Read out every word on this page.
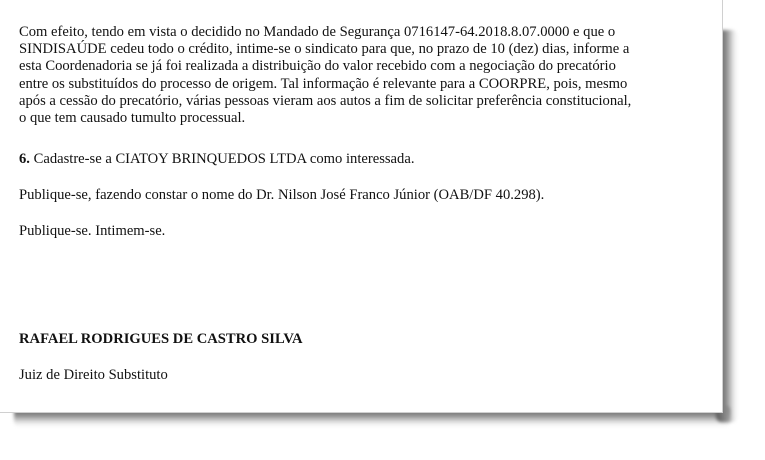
Com efeito, tendo em vista o decidido no Mandado de Segurança 0716147-64.2018.8.07.0000 e que o
SINDISAÚDE cedeu todo o crédito, intime-se o sindicato para que, no prazo de 10 (dez) dias, informe a
esta Coordenadoria se já foi realizada a distribuição do valor recebido com a negociação do precatório
entre os substituídos do processo de origem. Tal informação é relevante para a COORPRE, pois, mesmo
após a cessão do precatório, várias pessoas vieram aos autos a fim de solicitar preferência constitucional,
o que tem causado tumulto processual.
6. Cadastre-se a CIATOY BRINQUEDOS LTDA como interessada.
Publique-se, fazendo constar o nome do Dr. Nilson José Franco Júnior (OAB/DF 40.298).
Publique-se. Intimem-se.
RAFAEL RODRIGUES DE CASTRO SILVA
Juiz de Direito Substituto
